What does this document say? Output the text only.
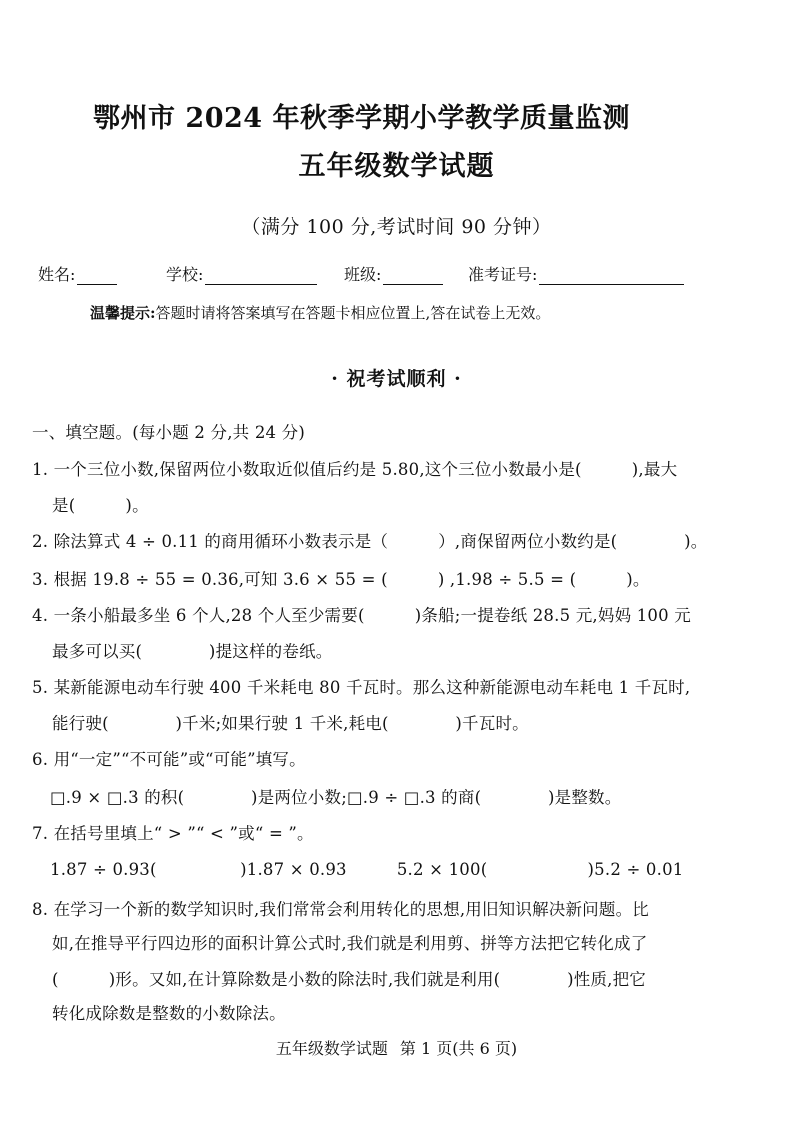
鄂州市 2024 年秋季学期小学教学质量监测
五年级数学试题
（满分 100 分,考试时间 90 分钟）
姓名:	学校:	班级:	准考证号:
温馨提示:答题时请将答案填写在答题卡相应位置上,答在试卷上无效。
· 祝考试顺利 ·
一、填空题。(每小题 2 分,共 24 分)
1. 一个三位小数,保留两位小数取近似值后约是 5.80,这个三位小数最小是(　　　),最大
是(　　　)。
2. 除法算式 4 ÷ 0.11 的商用循环小数表示是（　　　）,商保留两位小数约是(　　　　)。
3. 根据 19.8 ÷ 55 = 0.36,可知 3.6 × 55 = (　　　) ,1.98 ÷ 5.5 = (　　　)。
4. 一条小船最多坐 6 个人,28 个人至少需要(　　　)条船;一提卷纸 28.5 元,妈妈 100 元
最多可以买(　　　　)提这样的卷纸。
5. 某新能源电动车行驶 400 千米耗电 80 千瓦时。那么这种新能源电动车耗电 1 千瓦时,
能行驶(　　　　)千米;如果行驶 1 千米,耗电(　　　　)千瓦时。
6. 用“一定”“不可能”或“可能”填写。
□.9 × □.3 的积(　　　　)是两位小数;□.9 ÷ □.3 的商(　　　　)是整数。
7. 在括号里填上“ > ”“ < ”或“ = ”。
1.87 ÷ 0.93(　　　　　)1.87 × 0.93　　　5.2 × 100(　　　　　　)5.2 ÷ 0.01
8. 在学习一个新的数学知识时,我们常常会利用转化的思想,用旧知识解决新问题。比
如,在推导平行四边形的面积计算公式时,我们就是利用剪、拼等方法把它转化成了
(　　　)形。又如,在计算除数是小数的除法时,我们就是利用(　　　　)性质,把它
转化成除数是整数的小数除法。
五年级数学试题 第 1 页(共 6 页)
